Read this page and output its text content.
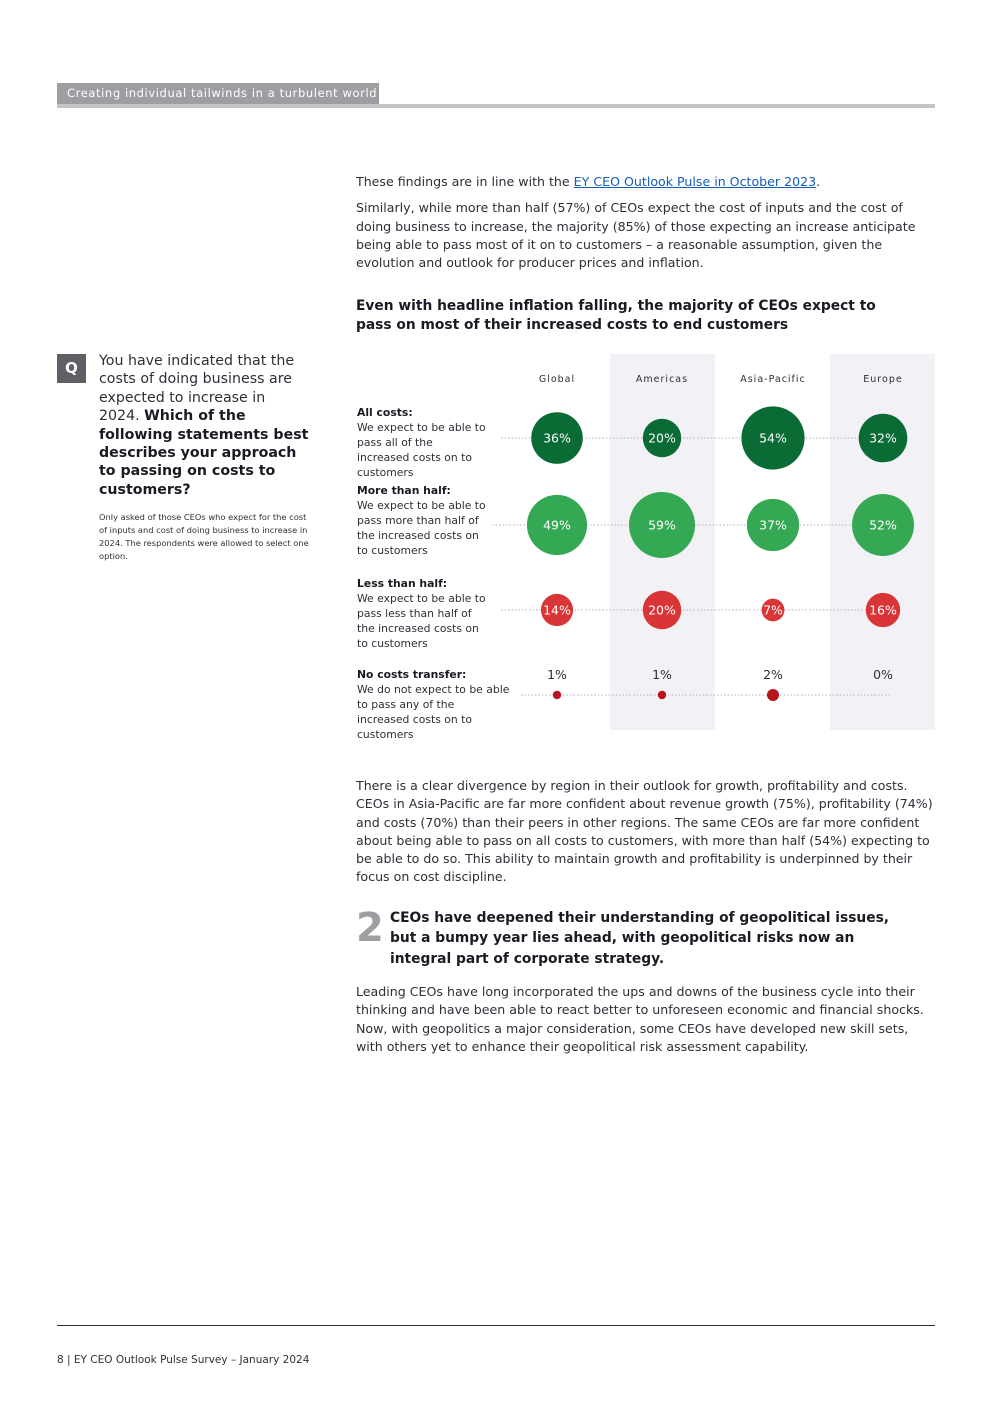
Creating individual tailwinds in a turbulent world

These findings are in line with the EY CEO Outlook Pulse in October 2023.

Similarly, while more than half (57%) of CEOs expect the cost of inputs and the cost of doing business to increase, the majority (85%) of those expecting an increase anticipate being able to pass most of it on to customers – a reasonable assumption, given the evolution and outlook for producer prices and inflation.

Even with headline inflation falling, the majority of CEOs expect to pass on most of their increased costs to end customers
Q	You have indicated that the costs of doing business are expected to increase in 2024. Which of the following statements best describes your approach to passing on costs to customers?
Only asked of those CEOs who expect for the cost of inputs and cost of doing business to increase in 2024. The respondents were allowed to select one option.
Global	Americas	Asia-Pacific	Europe
All costs:
We expect to be able to
pass all of the
increased costs on to
customers
36%	20%	54%	32%
More than half:
We expect to be able to
pass more than half of
the increased costs on
to customers
49%	59%	37%	52%
Less than half:
We expect to be able to
pass less than half of
the increased costs on
to customers
14%	20%	7%	16%
No costs transfer:
We do not expect to be able
to pass any of the
increased costs on to
customers
1%	1%	2%	0%
There is a clear divergence by region in their outlook for growth, profitability and costs. CEOs in Asia-Pacific are far more confident about revenue growth (75%), profitability (74%) and costs (70%) than their peers in other regions. The same CEOs are far more confident about being able to pass on all costs to customers, with more than half (54%) expecting to be able to do so. This ability to maintain growth and profitability is underpinned by their focus on cost discipline.
2 CEOs have deepened their understanding of geopolitical issues, but a bumpy year lies ahead, with geopolitical risks now an integral part of corporate strategy.
Leading CEOs have long incorporated the ups and downs of the business cycle into their thinking and have been able to react better to unforeseen economic and financial shocks. Now, with geopolitics a major consideration, some CEOs have developed new skill sets, with others yet to enhance their geopolitical risk assessment capability.
8 | EY CEO Outlook Pulse Survey – January 2024
